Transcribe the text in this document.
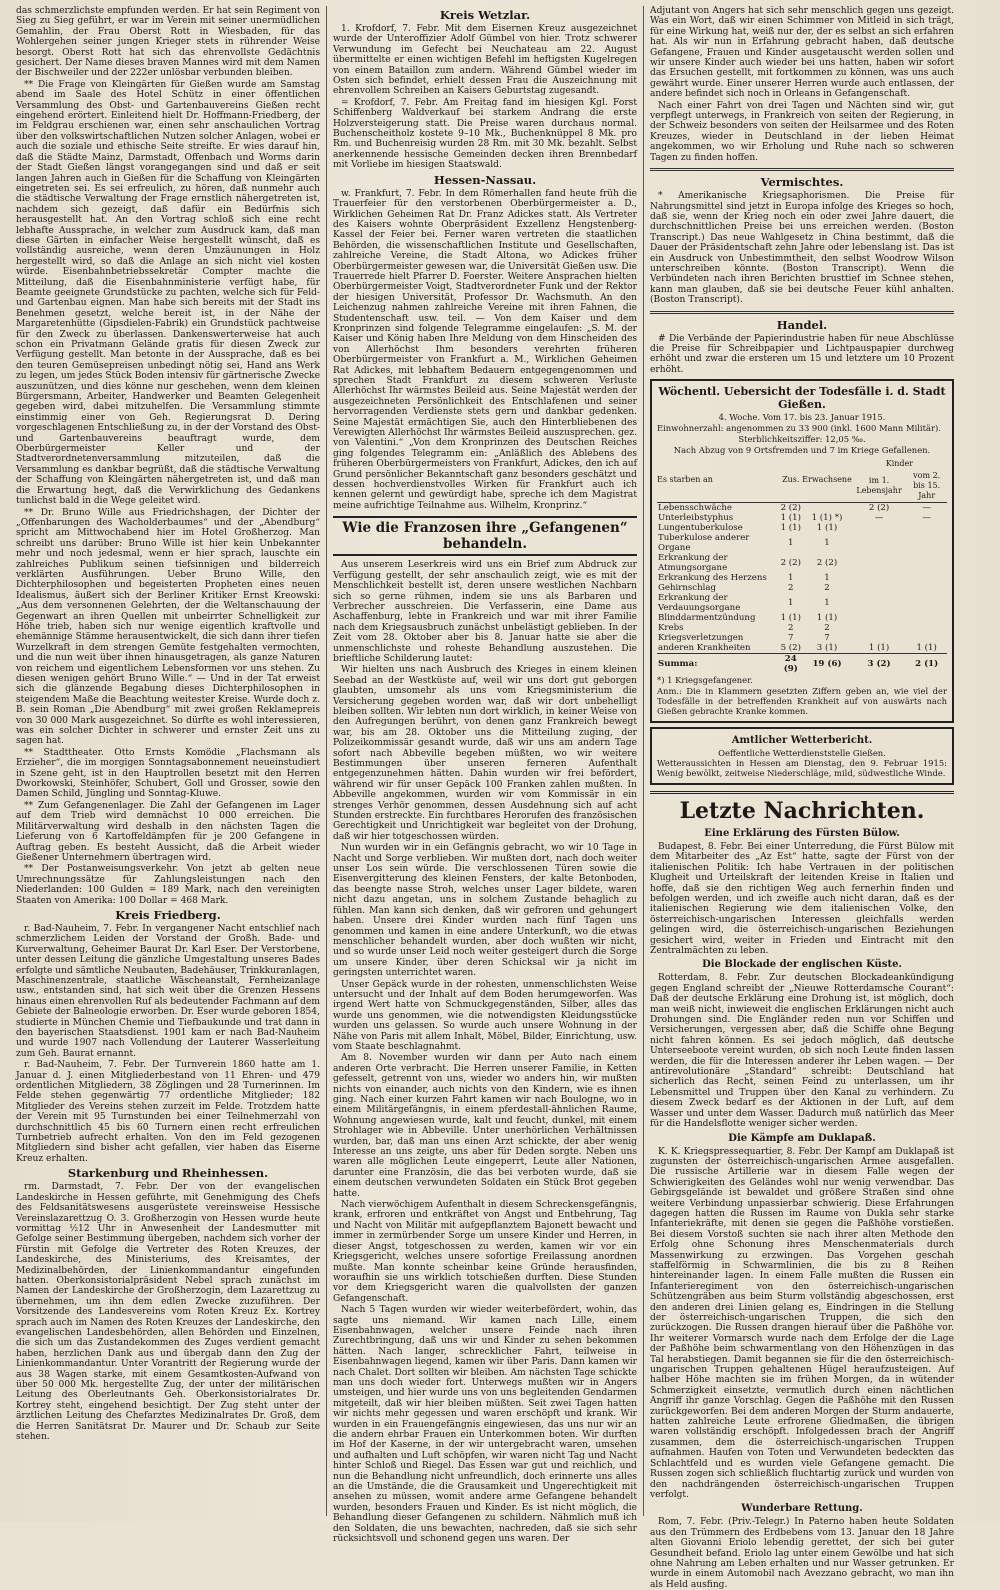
das schmerzlichste empfunden werden. Er hat sein Regiment von Sieg zu Sieg geführt, er war im Verein mit seiner unermüdlichen Gemahlin, der Frau Oberst Rott in Wiesbaden, für das Wohlergehen seiner jungen Krieger stets in rührender Weise besorgt. Oberst Rott hat sich das ehrenvollste Gedächtnis gesichert. Der Name dieses braven Mannes wird mit dem Namen der Bischweiler und der 222er unlösbar verbunden bleiben.

** Die Frage von Kleingärten für Gießen wurde am Samstag abend im Saale des Hotel Schütz in einer öffentlichen Versammlung des Obst- und Gartenbauvereins Gießen recht eingehend erörtert. Einleitend hielt Dr. Hoffmann-Friedberg, der im Feldgrau erschienen war, einen sehr anschaulichen Vortrag über den volkswirtschaftlichen Nutzen solcher Anlagen, wobei er auch die soziale und ethische Seite streifte. Er wies darauf hin, daß die Städte Mainz, Darmstadt, Offenbach und Worms darin der Stadt Gießen längst vorangegangen sind und daß er seit langen Jahren auch in Gießen für die Schaffung von Kleingärten eingetreten sei. Es sei erfreulich, zu hören, daß nunmehr auch die städtische Verwaltung der Frage ernstlich nähergetreten ist, nachdem sich gezeigt, daß dafür ein Bedürfnis sich herausgestellt hat. An den Vortrag schloß sich eine recht lebhafte Aussprache, in welcher zum Ausdruck kam, daß man diese Gärten in einfacher Weise hergestellt wünscht, daß es vollständig ausreiche, wenn deren Umzäunungen in Holz hergestellt wird, so daß die Anlage an sich nicht viel kosten würde. Eisenbahnbetriebssekretär Compter machte die Mitteilung, daß die Eisenbahnministerie verfügt habe, für Beamte geeignete Grundstücke zu pachten, welche sich für Feld- und Gartenbau eignen. Man habe sich bereits mit der Stadt ins Benehmen gesetzt, welche bereit ist, in der Nähe der Margaretenhütte (Gipsdielen-Fabrik) ein Grundstück pachtweise für den Zweck zu überlassen. Dankenswerterweise hat auch schon ein Privatmann Gelände gratis für diesen Zweck zur Verfügung gestellt. Man betonte in der Aussprache, daß es bei den teuren Gemüsepreisen unbedingt nötig sei, Hand ans Werk zu legen, um jedes Stück Boden intensiv für gärtnerische Zwecke auszunützen, und dies könne nur geschehen, wenn dem kleinen Bürgersmann, Arbeiter, Handwerker und Beamten Gelegenheit gegeben wird, dabei mitzuhelfen. Die Versammlung stimmte einstimmig einer von Geh. Regierungsrat D. Dering vorgeschlagenen Entschließung zu, in der der Vorstand des Obst- und Gartenbauvereins beauftragt wurde, dem Oberbürgermeister Keller und der Stadtverordnetenversammlung mitzuteilen, daß die Versammlung es dankbar begrüßt, daß die städtische Verwaltung der Schaffung von Kleingärten nähergetreten ist, und daß man die Erwartung hegt, daß die Verwirklichung des Gedankens tunlichst bald in die Wege geleitet wird.

** Dr. Bruno Wille aus Friedrichshagen, der Dichter der „Offenbarungen des Wacholderbaumes“ und der „Abendburg“ spricht am Mittwochabend hier im Hotel Großherzog. Man schreibt uns darüber: Bruno Wille ist hier kein Unbekannter mehr und noch jedesmal, wenn er hier sprach, lauschte ein zahlreiches Publikum seinen tiefsinnigen und bilderreich verklärten Ausführungen. Ueber Bruno Wille, den Dichterphilosophen und begeisterten Propheten eines neuen Idealismus, äußert sich der Berliner Kritiker Ernst Kreowski: „Aus dem versonnenen Gelehrten, der die Weltanschauung der Gegenwart an ihren Quellen mit unbeirrter Schnelligkeit zur Höhe trieb, haben sich nur wenige eigentlich kraftvolle und ehemännige Stämme herausentwickelt, die sich dann ihrer tiefen Wurzelkraft in dem strengen Gemüte festgehalten vermochten, und die nun weit über ihnen hinausgetragen, als ganze Naturen von reichem und eigentlichem Lebensformen vor uns stehen. Zu diesen wenigen gehört Bruno Wille.“ — Und in der Tat erweist sich die glänzende Begabung dieses Dichterphilosophen in steigendem Maße die Beachtung weitester Kreise. Wurde doch z. B. sein Roman „Die Abendburg“ mit zwei großen Reklamepreis von 30 000 Mark ausgezeichnet. So dürfte es wohl interessieren, was ein solcher Dichter in schwerer und ernster Zeit uns zu sagen hat.

** Stadttheater. Otto Ernsts Komödie „Flachsmann als Erzieher“, die im morgigen Sonntagsabonnement neueinstudiert in Szene geht, ist in den Hauptrollen besetzt mit den Herren Dworkowski, Steinhöfer, Schubert, Goll und Grosser, sowie den Damen Schild, Jüngling und Sonntag-Kluwe.

** Zum Gefangenenlager. Die Zahl der Gefangenen im Lager auf dem Trieb wird demnächst 10 000 erreichen. Die Militärverwaltung wird deshalb in den nächsten Tagen die Lieferung von 6 Kartoffeldämpfen für je 200 Gefangene in Auftrag geben. Es besteht Aussicht, daß die Arbeit wieder Gießener Unternehmern übertragen wird.

** Der Postanweisungsverkehr. Von jetzt ab gelten neue Umrechnungssätze für Zahlungsleistungen nach den Niederlanden: 100 Gulden = 189 Mark, nach den vereinigten Staaten von Amerika: 100 Dollar = 468 Mark.

Kreis Friedberg.

r. Bad-Nauheim, 7. Febr. In vergangener Nacht entschlief nach schmerzlichem Leiden der Vorstand der Großh. Bade- und Kurverwaltung, Geheimer Baurat Dr. Karl Eser. Der Verstorbene, unter dessen Leitung die gänzliche Umgestaltung unseres Bades erfolgte und sämtliche Neubauten, Badehäuser, Trinkkuranlagen, Maschinenzentrale, staatliche Wäscheanstalt, Fernheizanlage usw., entstanden sind, hat sich weit über die Grenzen Hessens hinaus einen ehrenvollen Ruf als bedeutender Fachmann auf dem Gebiete der Balneologie erworben. Dr. Eser wurde geboren 1854, studierte in München Chemie und Tiefbaukunde und trat dann in den bayerischen Staatsdienst. 1901 kam er nach Bad-Nauheim und wurde 1907 nach Vollendung der Lauterer Wasserleitung zum Geh. Baurat ernannt.

r. Bad-Nauheim, 7. Febr. Der Turnverein 1860 hatte am 1. Januar d. J. einen Mitgliederbestand von 11 Ehren- und 479 ordentlichen Mitgliedern, 38 Zöglingen und 28 Turnerinnen. Im Felde stehen gegenwärtig 77 ordentliche Mitglieder; 182 Mitglieder des Vereins stehen zurzeit im Felde. Trotzdem hatte der Verein mit 95 Turnstunden bei einer Teilnehmerzahl von durchschnittlich 45 bis 60 Turnern einen recht erfreulichen Turnbetrieb aufrecht erhalten. Von den im Feld gezogenen Mitgliedern sind bisher acht gefallen, vier haben das Eiserne Kreuz erhalten.

Starkenburg und Rheinhessen.

rm. Darmstadt, 7. Febr. Der von der evangelischen Landeskirche in Hessen geführte, mit Genehmigung des Chefs des Feldsanitätswesens ausgerüstete vereinsweise Hessische Vereinslazarettzug O. 3. Großherzogin von Hessen wurde heute vormittag ½12 Uhr in Anwesenheit der Landesmutter mit Gefolge seiner Bestimmung übergeben, nachdem sich vorher der Fürstin mit Gefolge die Vertreter des Roten Kreuzes, der Landeskirche, des Ministeriums, des Kreisamtes, der Medizinalbehörden, der Linienkommandantur eingefunden hatten. Oberkonsistorialpräsident Nebel sprach zunächst im Namen der Landeskirche der Großherzogin, dem Lazarettzug zu übernehmen, um ihn dem edlen Zwecke zuzuführen. Der Vorsitzende des Landesvereins vom Roten Kreuz Ex. Kortrey sprach auch im Namen des Roten Kreuzes der Landeskirche, den evangelischen Landesbehörden, allen Behörden und Einzelnen, die sich um das Zustandekommen des Zuges verdient gemacht haben, herzlichen Dank aus und übergab dann den Zug der Linienkommandantur. Unter Vorantritt der Regierung wurde der aus 38 Wagen starke, mit einem Gesamtkosten-Aufwand von über 50 000 Mk. hergestellte Zug, der unter der militärischen Leitung des Oberleutnants Geh. Oberkonsistorialrates Dr. Kortrey steht, eingehend besichtigt. Der Zug steht unter der ärztlichen Leitung des Chefarztes Medizinalrates Dr. Groß, dem die Herren Sanitätsrat Dr. Maurer und Dr. Schaub zur Seite stehen.

Kreis Wetzlar.

1. Krofdorf, 7. Febr. Mit dem Eisernen Kreuz ausgezeichnet wurde der Unteroffizier Adolf Gümbel von hier. Trotz schwerer Verwundung im Gefecht bei Neuchateau am 22. August übermittelte er einen wichtigen Befehl im heftigsten Kugelregen von einem Bataillon zum andern. Während Gümbel wieder im Osten sich befindet, erhielt dessen Frau die Auszeichnung mit ehrenvollem Schreiben an Kaisers Geburtstag zugesandt.

= Krofdorf, 7. Febr. Am Freitag fand im hiesigen Kgl. Forst Schiffenberg Waldverkauf bei starkem Andrang die erste Holzversteigerung statt. Die Preise waren durchaus normal. Buchenscheitholz kostete 9–10 Mk., Buchenknüppel 8 Mk. pro Rm. und Buchenreisig wurden 28 Rm. mit 30 Mk. bezahlt. Selbst anerkennende hessische Gemeinden decken ihren Brennbedarf mit Vorliebe im hiesigen Staatswald.

Hessen-Nassau.

w. Frankfurt, 7. Febr. In dem Römerhallen fand heute früh die Trauerfeier für den verstorbenen Oberbürgermeister a. D., Wirklichen Geheimen Rat Dr. Franz Adickes statt. Als Vertreter des Kaisers wohnte Oberpräsident Exzellenz Hengstenberg-Kassel der Feier bei. Ferner waren vertreten die staatlichen Behörden, die wissenschaftlichen Institute und Gesellschaften, zahlreiche Vereine, die Stadt Altona, wo Adickes früher Oberbürgermeister gewesen war, die Universität Gießen usw. Die Trauerrede hielt Pfarrer D. Foerster. Weitere Ansprachen hielten Oberbürgermeister Voigt, Stadtverordneter Funk und der Rektor der hiesigen Universität, Professor Dr. Wachsmuth. An den Leichenzug nahmen zahlreiche Vereine mit ihren Fahnen, die Studentenschaft usw. teil. — Von dem Kaiser und dem Kronprinzen sind folgende Telegramme eingelaufen: „S. M. der Kaiser und König haben Ihre Meldung von dem Hinscheiden des von Allerhöchst Ihm besonders verehrten früheren Oberbürgermeister von Frankfurt a. M., Wirklichen Geheimen Rat Adickes, mit lebhaftem Bedauern entgegengenommen und sprechen Stadt Frankfurt zu diesem schweren Verluste Allerhöchst Ihr wärmstes Beileid aus. Seine Majestät werden der ausgezeichneten Persönlichkeit des Entschlafenen und seiner hervorragenden Verdienste stets gern und dankbar gedenken. Seine Majestät ermächtigen Sie, auch den Hinterbliebenen des Verewigten Allerhöchst Ihr wärmstes Beileid auszusprechen. gez. von Valentini.“ „Von dem Kronprinzen des Deutschen Reiches ging folgendes Telegramm ein: „Anläßlich des Ablebens des früheren Oberbürgermeisters von Frankfurt, Adickes, den ich auf Grund persönlicher Bekanntschaft ganz besonders geschätzt und dessen hochverdienstvolles Wirken für Frankfurt auch ich kennen gelernt und gewürdigt habe, spreche ich dem Magistrat meine aufrichtige Teilnahme aus. Wilhelm, Kronprinz.“

Wie die Franzosen ihre „Gefangenen“ behandeln.

Aus unserem Leserkreis wird uns ein Brief zum Abdruck zur Verfügung gestellt, der sehr anschaulich zeigt, wie es mit der Menschlichkeit bestellt ist, deren unsere westlichen Nachbarn sich so gerne rühmen, indem sie uns als Barbaren und Verbrecher ausschreien. Die Verfasserin, eine Dame aus Aschaffenburg, lebte in Frankreich und war mit ihrer Familie nach dem Kriegsausbruch zunächst unbelästigt geblieben. In der Zeit vom 28. Oktober aber bis 8. Januar hatte sie aber die unmenschlichste und roheste Behandlung auszustehen. Die brieftliche Schilderung lautet:

Wir hielten uns nach Ausbruch des Krieges in einem kleinen Seebad an der Westküste auf, weil wir uns dort gut geborgen glaubten, umsomehr als uns vom Kriegsministerium die Versicherung gegeben worden war, daß wir dort unbehelligt bleiben sollten. Wir lebten nun dort wirklich, in keiner Weise von den Aufregungen berührt, von denen ganz Frankreich bewegt war, bis am 28. Oktober uns die Mitteilung zuging, der Polizeikommissär gesandt wurde, daß wir uns am andern Tage sofort nach Abbeville begeben müßten, wo wir weitere Bestimmungen über unseren ferneren Aufenthalt entgegenzunehmen hätten. Dahin wurden wir frei befördert, während wir für unser Gepäck 100 Franken zahlen mußten. In Abbeville angekommen, wurden wir vom Kommissär in ein strenges Verhör genommen, dessen Ausdehnung sich auf acht Stunden erstreckte. Ein furchtbares Herorufen des französischen Gerechtigkeit und Unrichtigkeit war begleitet von der Drohung, daß wir hier totgeschossen würden.

Nun wurden wir in ein Gefängnis gebracht, wo wir 10 Tage in Nacht und Sorge verblieben. Wir mußten dort, nach doch weiter unser Los sein würde. Die verschlossenen Türen sowie die Eisenvergitterung des kleinen Fensters, der kalte Betonboden, das beengte nasse Stroh, welches unser Lager bildete, waren nicht dazu angetan, uns in solchem Zustande behaglich zu fühlen. Man kann sich denken, daß wir gefroren und gehungert haben. Unsere drei Kinder wurden nach fünf Tagen uns genommen und kamen in eine andere Unterkunft, wo die etwas menschlicher behandelt wurden, aber doch wußten wir nicht, und so wurde unser Leid noch weiter gesteigert durch die Sorge um unsere Kinder, über deren Schicksal wir ja nicht im geringsten unterrichtet waren.

Unser Gepäck wurde in der rohesten, unmenschlichsten Weise untersucht und der Inhalt auf dem Boden herumgeworfen. Was irgend Wert hatte von Schmuckgegenständen, Silber, alles das wurde uns genommen, wie die notwendigsten Kleidungsstücke wurden uns gelassen. So wurde auch unsere Wohnung in der Nähe von Paris mit allem Inhalt, Möbel, Bilder, Einrichtung, usw. vom Staate beschlagnahmt.

Am 8. November wurden wir dann per Auto nach einem anderen Orte verbracht. Die Herren unserer Familie, in Ketten gefesselt, getrennt von uns, wieder wo anders hin, wir mußten nichts von einander, auch nichts von den Kindern, wie es ihnen ging. Nach einer kurzen Fahrt kamen wir nach Boulogne, wo in einem Militärgefängnis, in einem pferdestall-ähnlichen Raume, Wohnung angewiesen wurde, kalt und feucht, dunkel, mit einem Strohlager wie in Abbeville. Unter unerhörlichen Verhältnissen wurden, bar, daß man uns einen Arzt schickte, der aber wenig Interesse an uns zeigte, uns aber für Deden sorgte. Neben uns waren alle möglichen Leute eingeperrt, Leute aller Nationen, darunter eine Französin, die das bei verboten wurde, daß sie einem deutschen verwundeten Soldaten ein Stück Brot gegeben hatte.

Nach vierwöchigem Aufenthalt in diesem Schreckensgefängnis, krank, erfroren und entkräftet von Angst und Entbehrung, Tag und Nacht von Militär mit aufgepflanztem Bajonett bewacht und immer in zermürbender Sorge um unsere Kinder und Herren, in dieser Angst, totgeschossen zu werden, kamen wir vor ein Kriegsgericht, welches unsere sofortige Freilassung anordnen mußte. Man konnte scheinbar keine Gründe herausfinden, woraufhin sie uns wirklich totschießen durften. Diese Stunden vor dem Kriegsgericht waren die qualvollsten der ganzen Gefangenschaft.

Nach 5 Tagen wurden wir wieder weiterbefördert, wohin, das sagte uns niemand. Wir kamen nach Lille, einem Eisenbahnwagen, welcher unsere Feinde nach ihren Zurechtbringung, daß uns wir und Kinder zu sehen bekommen hätten. Nach langer, schrecklicher Fahrt, teilweise in Eisenbahnwagen liegend, kamen wir über Paris. Dann kamen wir nach Chalet. Dort sollten wir bleiben. Am nächsten Tage schickte man uns doch wieder fort. Unterwegs mußten wir in Angers umsteigen, und hier wurde uns von uns begleitenden Gendarmen mitgeteilt, daß wir hier bleiben müßten. Seit zwei Tagen hatten wir nichts mehr gegessen und waren erschöpft und krank. Wir wurden in ein Frauengefängnis eingewiesen, das uns nur wir an die andern ehrbar Frauen ein Unterkommen boten. Wir durften im Hof der Kaserne, in der wir untergebracht waren, umsehen und aufhalten und Luft schöpfen, wir waren nicht Tag und Nacht hinter Schloß und Riegel. Das Essen war gut und reichlich, und nun die Behandlung nicht unfreundlich, doch erinnerte uns alles an die Umstände, die die Grausamkeit und Ungerechtigkeit mit ansehen zu müssen, womit andere arme Gefangene behandelt wurden, besonders Frauen und Kinder. Es ist nicht möglich, die Behandlung dieser Gefangenen zu schildern. Nähmlich muß ich den Soldaten, die uns bewachten, nachreden, daß sie sich sehr rücksichtsvoll und schonend gegen uns waren. Der

Adjutant von Angers hat sich sehr menschlich gegen uns gezeigt. Was ein Wort, daß wir einen Schimmer von Mitleid in sich trägt, für eine Wirkung hat, weiß nur der, der es selbst an sich erfahren hat. Als wir nun in Erfahrung gebracht haben, daß deutsche Gefangene, Frauen und Kinder ausgetauscht werden sollen und wir unsere Kinder auch wieder bei uns hatten, haben wir sofort das Ersuchen gestellt, mit fortkommen zu können, was uns auch gewährt wurde. Einer unserer Herren wurde auch entlassen, der andere befindet sich noch in Orleans in Gefangenschaft.

Nach einer Fahrt von drei Tagen und Nächten sind wir, gut verpflegt unterwegs, in Frankreich von seiten der Regierung, in der Schweiz besonders von seiten der Heilsarmee und des Roten Kreuzes, wieder in Deutschland in der lieben Heimat angekommen, wo wir Erholung und Ruhe nach so schweren Tagen zu finden hoffen.

Vermischtes.

* Amerikanische Kriegsaphorismen. Die Preise für Nahrungsmittel sind jetzt in Europa infolge des Krieges so hoch, daß sie, wenn der Krieg noch ein oder zwei Jahre dauert, die durchschnittlichen Preise bei uns erreichen werden. (Boston Transcript.) Das neue Wahlgesetz in China bestimmt, daß die Dauer der Präsidentschaft zehn Jahre oder lebenslang ist. Das ist ein Ausdruck von Unbestimmtheit, den selbst Woodrow Wilson unterschreiben könnte. (Boston Transcript). Wenn die Verbündeten nach ihren Berichten brusttief im Schnee stehen, kann man glauben, daß sie bei deutsche Feuer kühl anhalten. (Boston Transcript).

Handel.

# Die Verbände der Papierindustrie haben für neue Abschlüsse die Preise für Schreibpapier und Lichtpauspapier durchweg erhöht und zwar die ersteren um 15 und letztere um 10 Prozent erhöht.

Wöchentl. Uebersicht der Todesfälle i. d. Stadt Gießen.

4. Woche. Vom 17. bis 23. Januar 1915.

Einwohnerzahl: angenommen zu 33 900 (inkl. 1600 Mann Militär).

Sterblichkeitsziffer: 12,05 ‰.

Nach Abzug von 9 Ortsfremden und 7 im Kriege Gefallenen.

Es starben an	Zus.	Erwachsene	Kinder	
			im 1. Lebensjahr	vom 2. bis 15. Jahr
Lebensschwäche	2 (2)		2 (2)	—
Unterleibstyphus	1 (1)	1 (1) *)	—	—
Lungentuberkulose	1 (1)	1 (1)		
Tuberkulose anderer Organe	1	1		
Erkrankung der Atmungsorgane	2 (2)	2 (2)		
Erkrankung des Herzens	1	1		
Gehirnschlag	2	2		
Erkrankung der Verdauungsorgane	1	1		
Blinddarmentzündung	1 (1)	1 (1)		
Krebs	2	2		
Kriegsverletzungen	7	7		
anderen Krankheiten	5 (2)	3 (1)	1 (1)	1 (1)
Summa:	24 (9)	19 (6)	3 (2)	2 (1)

*) 1 Kriegsgefangener.

Anm.: Die in Klammern gesetzten Ziffern geben an, wie viel der Todesfälle in der betreffenden Krankheit auf von auswärts nach Gießen gebrachte Kranke kommen.

Amtlicher Wetterbericht.

Oeffentliche Wetterdienststelle Gießen.

Wetteraussichten in Hessen am Dienstag, den 9. Februar 1915: Wenig bewölkt, zeitweise Niederschläge, mild, südwestliche Winde.

Letzte Nachrichten.
Eine Erklärung des Fürsten Bülow.

Budapest, 8. Febr. Bei einer Unterredung, die Fürst Bülow mit dem Mitarbeiter des „Az Est“ hatte, sagte der Fürst von der italienischen Politik: Ich habe Vertrauen in der politischen Klugheit und Urteilskraft der leitenden Kreise in Italien und hoffe, daß sie den richtigen Weg auch fernerhin finden und befolgen werden, und ich zweifle auch nicht daran, daß es der italienischen Regierung wie dem italienischen Volke, den österreichisch-ungarischen Interessen gleichfalls werden gelingen wird, die österreichisch-ungarischen Beziehungen gesichert wird, weiter in Frieden und Eintracht mit den Zentralmächten zu leben.

Die Blockade der englischen Küste.

Rotterdam, 8. Febr. Zur deutschen Blockadeankündigung gegen England schreibt der „Nieuwe Rotterdamsche Courant“: Daß der deutsche Erklärung eine Drohung ist, ist möglich, doch man weiß nicht, inwieweit die englischen Erklärungen nicht auch Drohungen sind. Die Engländer reden nun vor Schiffen und Versicherungen, vergessen aber, daß die Schiffe ohne Begung nicht fahren können. Es sei jedoch möglich, daß deutsche Unterseeboote vereint wurden, ob sich noch Leute finden lassen werden, die für die Interessen anderer ihr Leben wagen. — Der antirevolutionäre „Standard“ schreibt: Deutschland hat sicherlich das Recht, seinen Feind zu unterlassen, um ihr Lebensmittel und Truppen über den Kanal zu verhindern. Zu diesem Zweck bedarf es der Aktionen in der Luft, auf dem Wasser und unter dem Wasser. Dadurch muß natürlich das Meer für die Handelsflotte weniger sicher werden.

Die Kämpfe am Duklapaß.

K. K. Kriegspressequartier, 8. Febr. Der Kampf am Duklapaß ist zugunsten der österreichisch-ungarischen Armee ausgefallen. Die russische Artillerie war in diesem Falle wegen der Schwierigkeiten des Geländes wohl nur wenig verwendbar. Das Gebirgsgelände ist bewaldet und größere Straßen sind ohne weitere Verbindung unpassierbar schwierig. Diese Erfahrungen dagegen hatten die Russen im Raume von Dukla sehr starke Infanteriekräfte, mit denen sie gegen die Paßhöhe vorstießen. Bei diesem Vorstoß suchten sie nach ihrer alten Methode den Erfolg ohne Schonung ihres Menschenmaterials durch Massenwirkung zu erzwingen. Das Vorgehen geschah staffelförmig in Schwarmlinien, die bis zu 8 Reihen hintereinander lagen. In einem Falle mußten die Russen ein Infanterieregiment von den österreichisch-ungarischen Schützengräben aus beim Sturm vollständig abgeschossen, erst den anderen drei Linien gelang es, Eindringen in die Stellung der österreichisch-ungarischen Truppen, die sich den zurückzogen. Die Russen drangen hierauf über die Paßhöhe vor. Ihr weiterer Vormarsch wurde nach dem Erfolge der die Lage der Paßhöhe beim schwarmentlang von den Höhenzügen in das Tal herabstiegen. Damit begannen sie für die den österreichisch-ungarischen Truppen gehaltenen Hügel heraufzusteigen. Auf halber Höhe machten sie im frühen Morgen, da in wütender Schmerzigkeit einsetzte, vermutlich durch einen nächtlichen Angriff ihr ganze Vorschlag. Gegen die Paßhöhe mit den Russen zurückgeworfen. Bei dem anderen Morgen der Sturm andauerte, hatten zahlreiche Leute erfrorene Gliedmaßen, die übrigen waren vollständig erschöpft. Infolgedessen brach der Angriff zusammen, dem die österreichisch-ungarischen Truppen aufnahmen. Haufen von Toten und Verwundeten bedeckten das Schlachtfeld und es wurden viele Gefangene gemacht. Die Russen zogen sich schließlich fluchtartig zurück und wurden von den nachdrängenden österreichisch-ungarischen Truppen verfolgt.

Wunderbare Rettung.

Rom, 7. Febr. (Priv.-Telegr.) In Paterno haben heute Soldaten aus den Trümmern des Erdbebens vom 13. Januar den 18 Jahre alten Giovanni Eriolo lebendig gerettet, der sich bei guter Gesundheit befand. Eriolo lag unter einem Gewölbe und hat sich ohne Nahrung am Leben erhalten und nur Wasser getrunken. Er wurde in einem Automobil nach Avezzano gebracht, wo man ihn als Held ausfing.
